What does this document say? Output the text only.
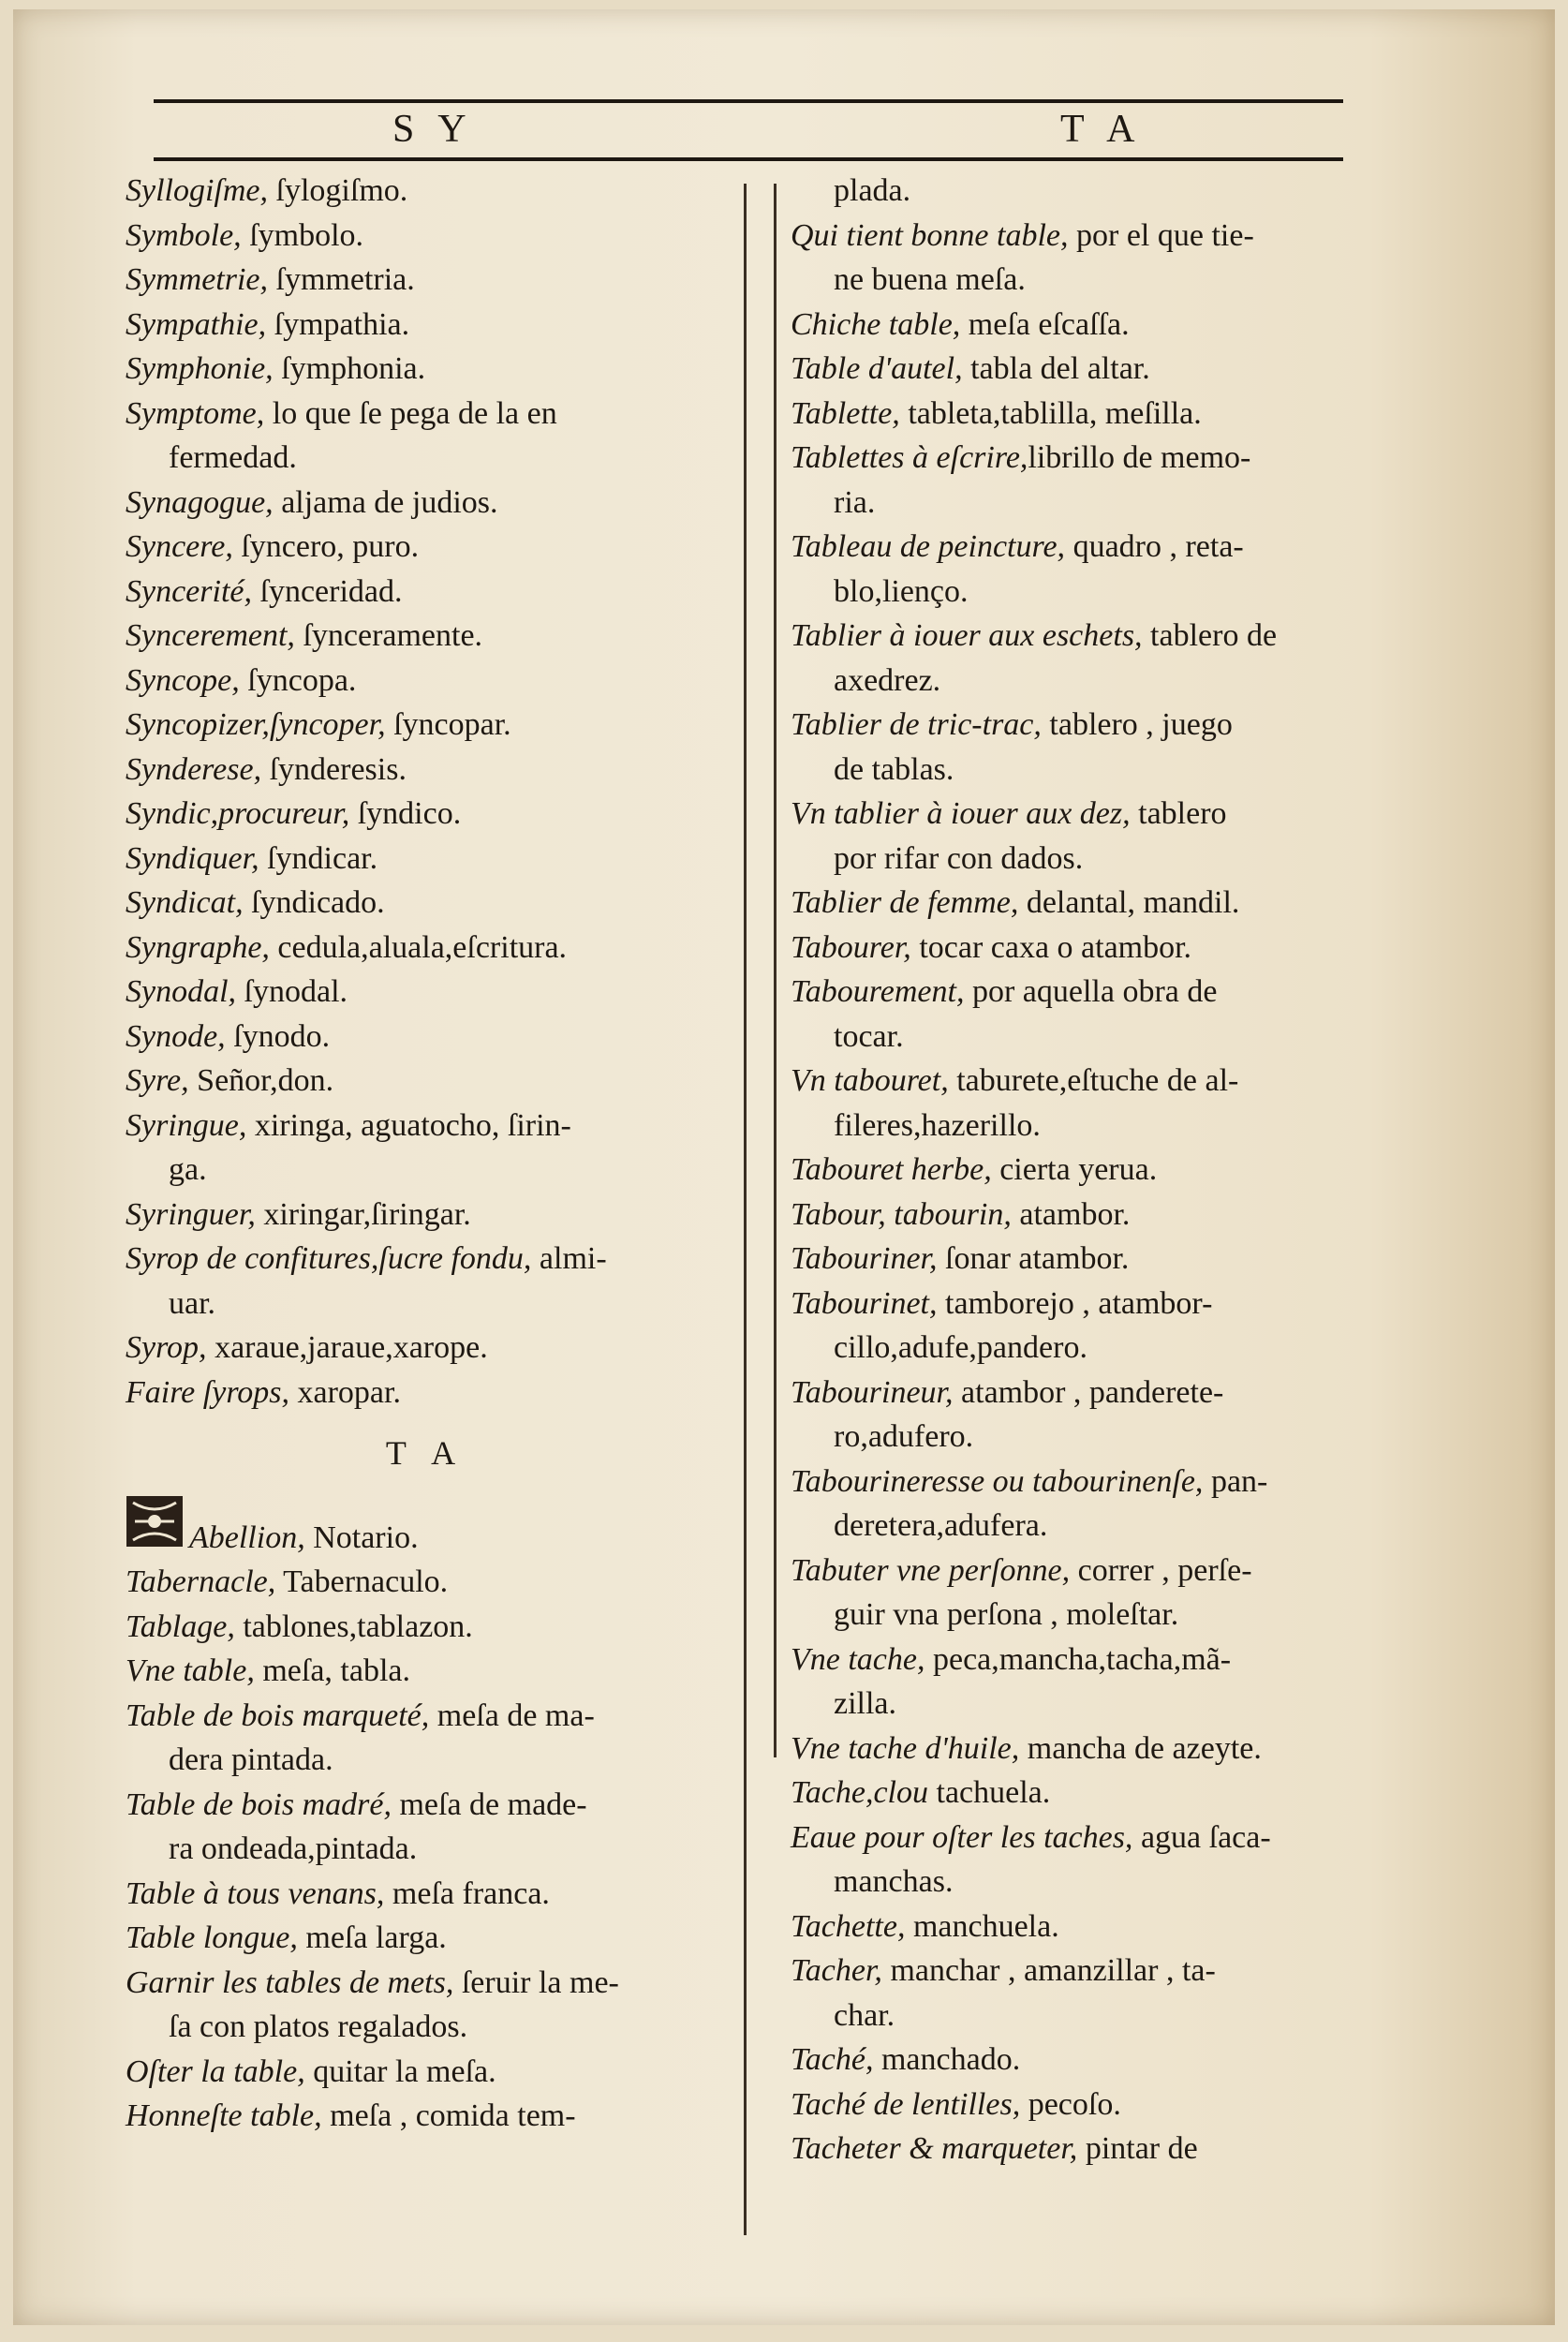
S Y	T A
Syllogiſme, ſylogiſmo.
Symbole, ſymbolo.
Symmetrie, ſymmetria.
Sympathie, ſympathia.
Symphonie, ſymphonia.
Symptome, lo que ſe pega de la en
fermedad.
Synagogue, aljama de judios.
Syncere, ſyncero, puro.
Syncerité, ſynceridad.
Syncerement, ſynceramente.
Syncope, ſyncopa.
Syncopizer,ſyncoper, ſyncopar.
Synderese, ſynderesis.
Syndic,procureur, ſyndico.
Syndiquer, ſyndicar.
Syndicat, ſyndicado.
Syngraphe, cedula,aluala,eſcritura.
Synodal, ſynodal.
Synode, ſynodo.
Syre, Señor,don.
Syringue, xiringa, aguatocho, ſirin-
ga.
Syringuer, xiringar,ſiringar.
Syrop de confitures,ſucre fondu, almi-
uar.
Syrop, xaraue,jaraue,xarope.
Faire ſyrops, xaropar.
T A
Abellion, Notario.
Tabernacle, Tabernaculo.
Tablage, tablones,tablazon.
Vne table, meſa, tabla.
Table de bois marqueté, meſa de ma-
dera pintada.
Table de bois madré, meſa de made-
ra ondeada,pintada.
Table à tous venans, meſa franca.
Table longue, meſa larga.
Garnir les tables de mets, ſeruir la me-
ſa con platos regalados.
Oſter la table, quitar la meſa.
Honneſte table, meſa , comida tem-
plada.
Qui tient bonne table, por el que tie-
ne buena meſa.
Chiche table, meſa eſcaſſa.
Table d'autel, tabla del altar.
Tablette, tableta,tablilla, meſilla.
Tablettes à eſcrire,librillo de memo-
ria.
Tableau de peincture, quadro , reta-
blo,lienço.
Tablier à iouer aux eschets, tablero de
axedrez.
Tablier de tric-trac, tablero , juego
de tablas.
Vn tablier à iouer aux dez, tablero
por rifar con dados.
Tablier de femme, delantal, mandil.
Tabourer, tocar caxa o atambor.
Tabourement, por aquella obra de
tocar.
Vn tabouret, taburete,eſtuche de al-
fileres,hazerillo.
Tabouret herbe, cierta yerua.
Tabour, tabourin, atambor.
Tabouriner, ſonar atambor.
Tabourinet, tamborejo , atambor-
cillo,adufe,pandero.
Tabourineur, atambor , panderete-
ro,adufero.
Tabourineresse ou tabourinenſe, pan-
deretera,adufera.
Tabuter vne perſonne, correr , perſe-
guir vna perſona , moleſtar.
Vne tache, peca,mancha,tacha,mã-
zilla.
Vne tache d'huile, mancha de azeyte.
Tache,clou tachuela.
Eaue pour oſter les taches, agua ſaca-
manchas.
Tachette, manchuela.
Tacher, manchar , amanzillar , ta-
char.
Taché, manchado.
Taché de lentilles, pecoſo.
Tacheter & marqueter, pintar de
